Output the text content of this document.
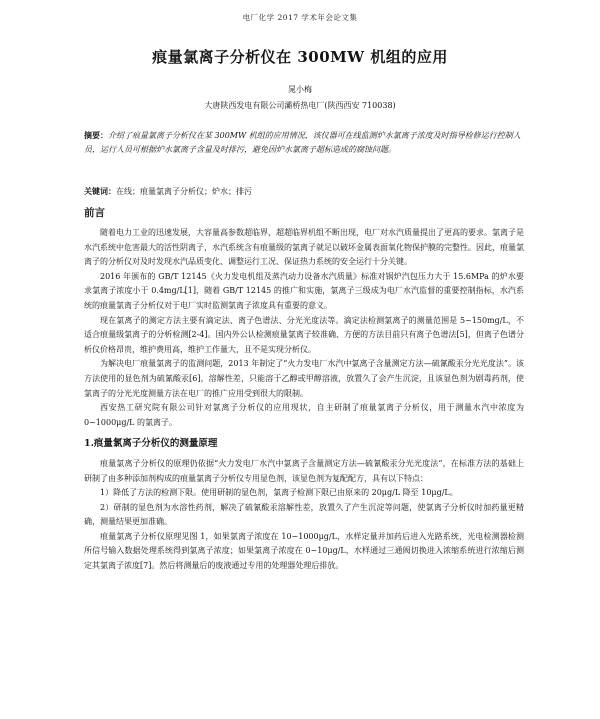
电厂化学 2017 学术年会论文集
痕量氯离子分析仪在 300MW 机组的应用
晁小梅
大唐陕西发电有限公司灞桥热电厂(陕西西安 710038)
摘要：介绍了痕量氯离子分析仪在某 300MW 机组的应用情况，该仪器可在线监测炉水氯离子浓度及时指导检修运行控制人员，运行人员可根据炉水氯离子含量及时排污，避免因炉水氯离子超标造成的腐蚀问题。
关键词：在线；痕量氯离子分析仪；炉水；排污
前言

随着电力工业的迅速发展，大容量高参数超临界，超超临界机组不断出现，电厂对水汽质量提出了更高的要求。氯离子是水汽系统中危害最大的活性阴离子，水汽系统含有痕量级的氯离子就足以破坏金属表面氧化物保护膜的完整性。因此，痕量氯离子的分析仪对及时发现水汽品质变化、调整运行工况、保证热力系统的安全运行十分关键。

2016 年颁布的 GB/T 12145《火力发电机组及蒸汽动力设备水汽质量》标准对锅炉汽包压力大于 15.6MPa 的炉水要求氯离子浓度小于 0.4mg/L[1]，随着 GB/T 12145 的推广和实施，氯离子三级成为电厂水汽监督的重要控制指标，水汽系统的痕量氯离子分析仪对于电厂实时监测氯离子浓度具有重要的意义。

现在氯离子的测定方法主要有滴定法、离子色谱法、分光光度法等。滴定法检测氯离子的测量范围是 5~150mg/L，不适合痕量级氯离子的分析检测[2-4]。国内外公认检测痕量氯离子较准确、方便的方法目前只有离子色谱法[5]，但离子色谱分析仪价格昂贵，维护费用高，维护工作量大，且不是实现分析仪。

为解决电厂痕量氯离子的监测问题，2013 年制定了“火力发电厂水汽中氯离子含量测定方法—硫氰酸汞分光光度法”。该方法使用的显色剂为硫氰酸汞[6]，溶解性差，只能溶于乙醇或甲醇溶液，放置久了会产生沉淀，且该显色剂为剧毒药剂，使氯离子的分光光度测量方法在电厂的推广应用受到很大的限制。

西安热工研究院有限公司针对氯离子分析仪的应用现状，自主研制了痕量氯离子分析仪，用于测量水汽中浓度为 0~1000μg/L 的氯离子。

1.痕量氯离子分析仪的测量原理

痕量氯离子分析仪的原理仍依据“火力发电厂水汽中氯离子含量测定方法—硫氰酸汞分光光度法”，在标准方法的基础上研制了由多种添加剂构成的痕量氯离子分析仪专用显色剂，该显色剂为复配配方，具有以下特点：

1）降低了方法的检测下限。使用研制的显色剂，氯离子检测下限已由原来的 20μg/L 降至 10μg/L。

2）研制的显色剂为水溶性药剂，解决了硫氰酸汞溶解性差，放置久了产生沉淀等问题，使氯离子分析仪时加药量更精确，测量结果更加准确。

痕量氯离子分析仪原理见图 1，如果氯离子浓度在 10~1000μg/L，水样定量并加药后进入光路系统，光电检测器检测所信号输入数据处理系统得到氯离子浓度；如果氯离子浓度在 0~10μg/L，水样通过三通阀切换进入浓缩系统进行浓缩后测定其氯离子浓度[7]。然后将测量后的废液通过专用的处理器处理后排放。
